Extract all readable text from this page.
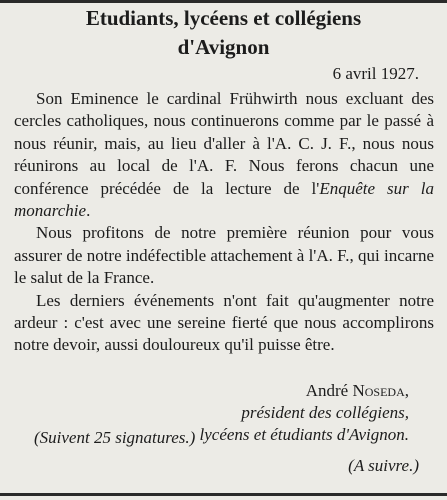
Etudiants, lycéens et collégiens
d'Avignon
6 avril 1927.

Son Eminence le cardinal Frühwirth nous excluant des cercles catholiques, nous continuerons comme par le passé à nous réunir, mais, au lieu d'aller à l'A. C. J. F., nous nous réunirons au local de l'A. F. Nous ferons chacun une conférence précédée de la lecture de l'Enquête sur la monarchie.

Nous profitons de notre première réunion pour vous assurer de notre indéfectible attachement à l'A. F., qui incarne le salut de la France.

Les derniers événements n'ont fait qu'augmenter notre ardeur : c'est avec une sereine fierté que nous accomplirons notre devoir, aussi douloureux qu'il puisse être.

André Noseda,
président des collégiens,
lycéens et étudiants d'Avignon.
(Suivent 25 signatures.)
(A suivre.)
